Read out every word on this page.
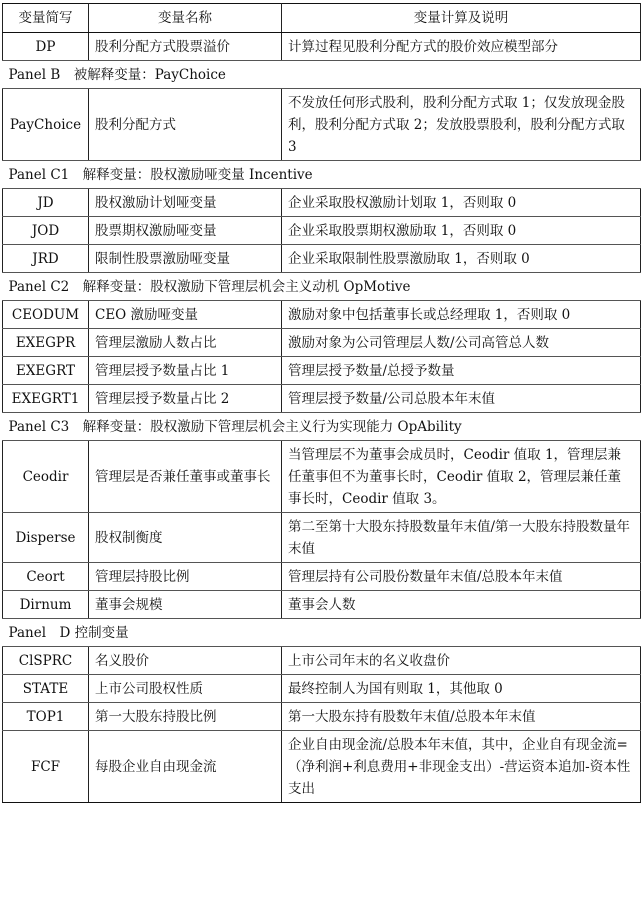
变量简写	变量名称	变量计算及说明
DP	股利分配方式股票溢价	计算过程见股利分配方式的股价效应模型部分
Panel B　被解释变量：PayChoice		
PayChoice	股利分配方式	不发放任何形式股利，股利分配方式取 1；仅发放现金股利，股利分配方式取 2；发放股票股利，股利分配方式取 3
Panel C1　解释变量：股权激励哑变量 Incentive		
JD	股权激励计划哑变量	企业采取股权激励计划取 1，否则取 0
JOD	股票期权激励哑变量	企业采取股票期权激励取 1，否则取 0
JRD	限制性股票激励哑变量	企业采取限制性股票激励取 1，否则取 0
Panel C2　解释变量：股权激励下管理层机会主义动机 OpMotive		
CEODUM	CEO 激励哑变量	激励对象中包括董事长或总经理取 1，否则取 0
EXEGPR	管理层激励人数占比	激励对象为公司管理层人数/公司高管总人数
EXEGRT	管理层授予数量占比 1	管理层授予数量/总授予数量
EXEGRT1	管理层授予数量占比 2	管理层授予数量/公司总股本年末值
Panel C3　解释变量：股权激励下管理层机会主义行为实现能力 OpAbility		
Ceodir	管理层是否兼任董事或董事长	当管理层不为董事会成员时，Ceodir 值取 1，管理层兼任董事但不为董事长时，Ceodir 值取 2，管理层兼任董事长时，Ceodir 值取 3。
Disperse	股权制衡度	第二至第十大股东持股数量年末值/第一大股东持股数量年末值
Ceort	管理层持股比例	管理层持有公司股份数量年末值/总股本年末值
Dirnum	董事会规模	董事会人数
Panel　D 控制变量		
ClSPRC	名义股价	上市公司年末的名义收盘价
STATE	上市公司股权性质	最终控制人为国有则取 1，其他取 0
TOP1	第一大股东持股比例	第一大股东持有股数年末值/总股本年末值
FCF	每股企业自由现金流	企业自由现金流/总股本年末值，其中，企业自有现金流=（净利润+利息费用+非现金支出）-营运资本追加-资本性支出
